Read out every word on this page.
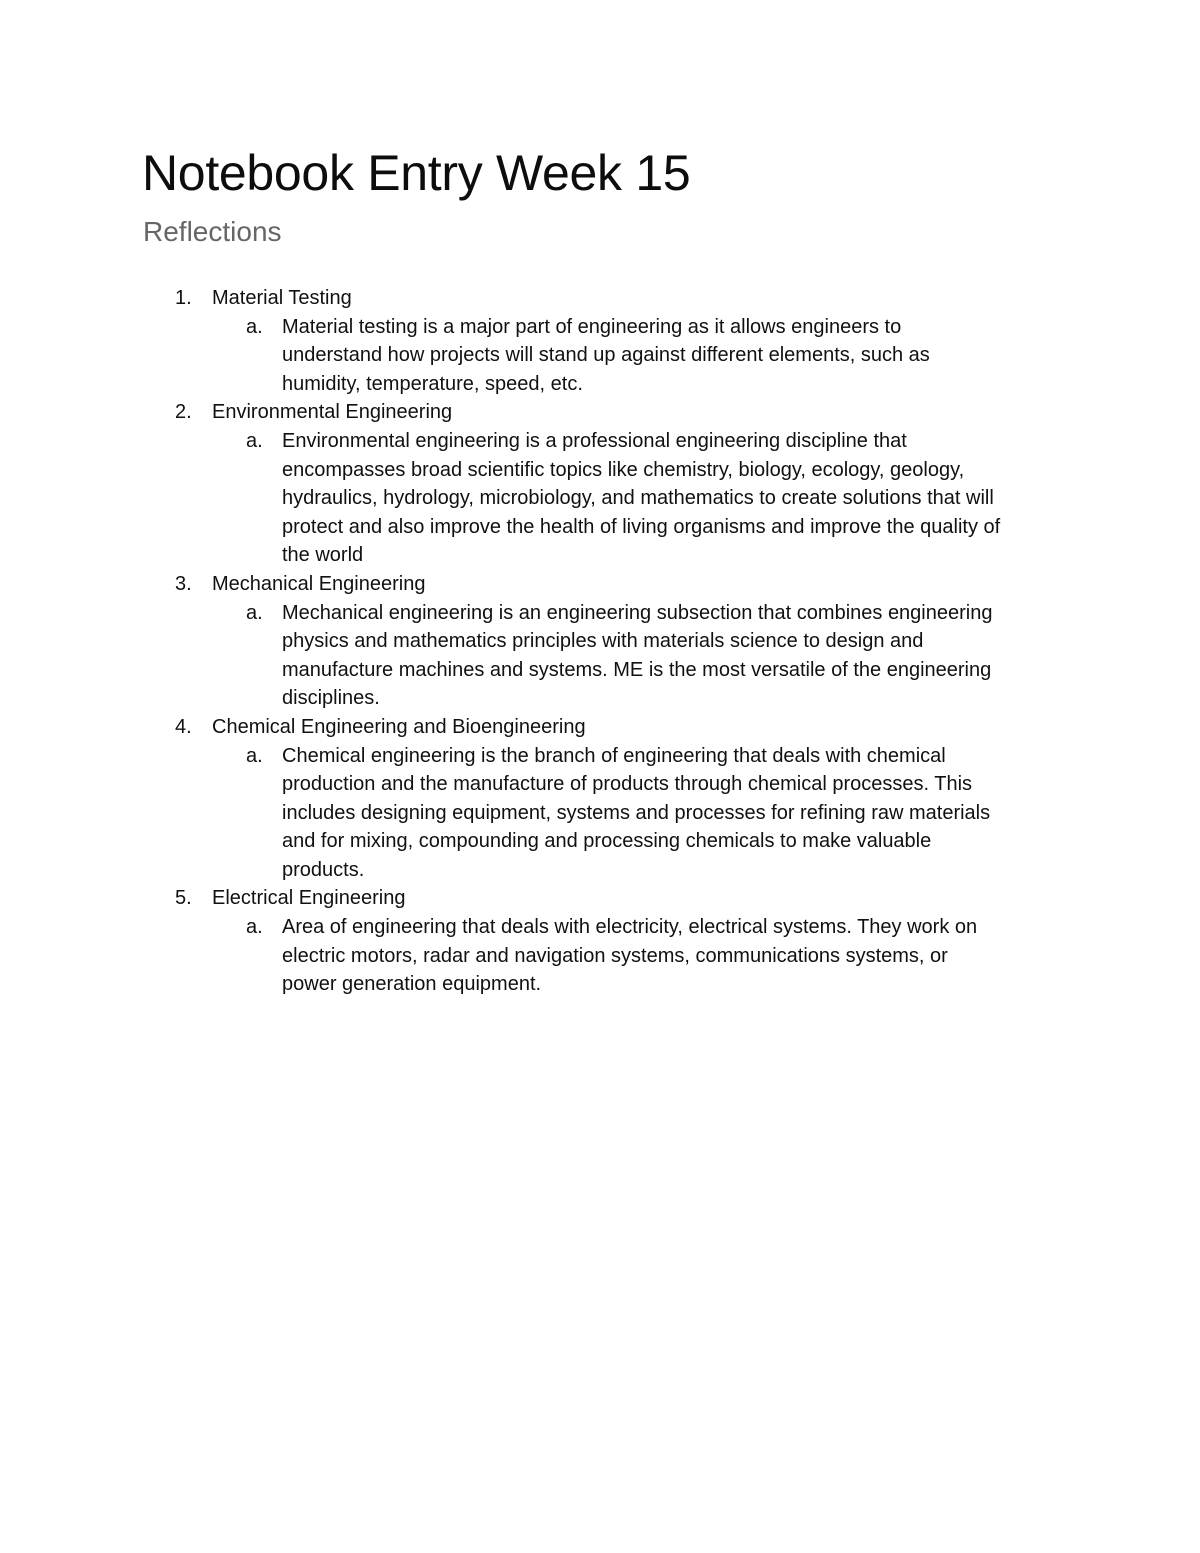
Notebook Entry Week 15
Reflections
1. Material Testing
a. Material testing is a major part of engineering as it allows engineers to
understand how projects will stand up against different elements, such as
humidity, temperature, speed, etc.
2. Environmental Engineering
a. Environmental engineering is a professional engineering discipline that
encompasses broad scientific topics like chemistry, biology, ecology, geology,
hydraulics, hydrology, microbiology, and mathematics to create solutions that will
protect and also improve the health of living organisms and improve the quality of
the world
3. Mechanical Engineering
a. Mechanical engineering is an engineering subsection that combines engineering
physics and mathematics principles with materials science to design and
manufacture machines and systems. ME is the most versatile of the engineering
disciplines.
4. Chemical Engineering and Bioengineering
a. Chemical engineering is the branch of engineering that deals with chemical
production and the manufacture of products through chemical processes. This
includes designing equipment, systems and processes for refining raw materials
and for mixing, compounding and processing chemicals to make valuable
products.
5. Electrical Engineering
a. Area of engineering that deals with electricity, electrical systems. They work on
electric motors, radar and navigation systems, communications systems, or
power generation equipment.
